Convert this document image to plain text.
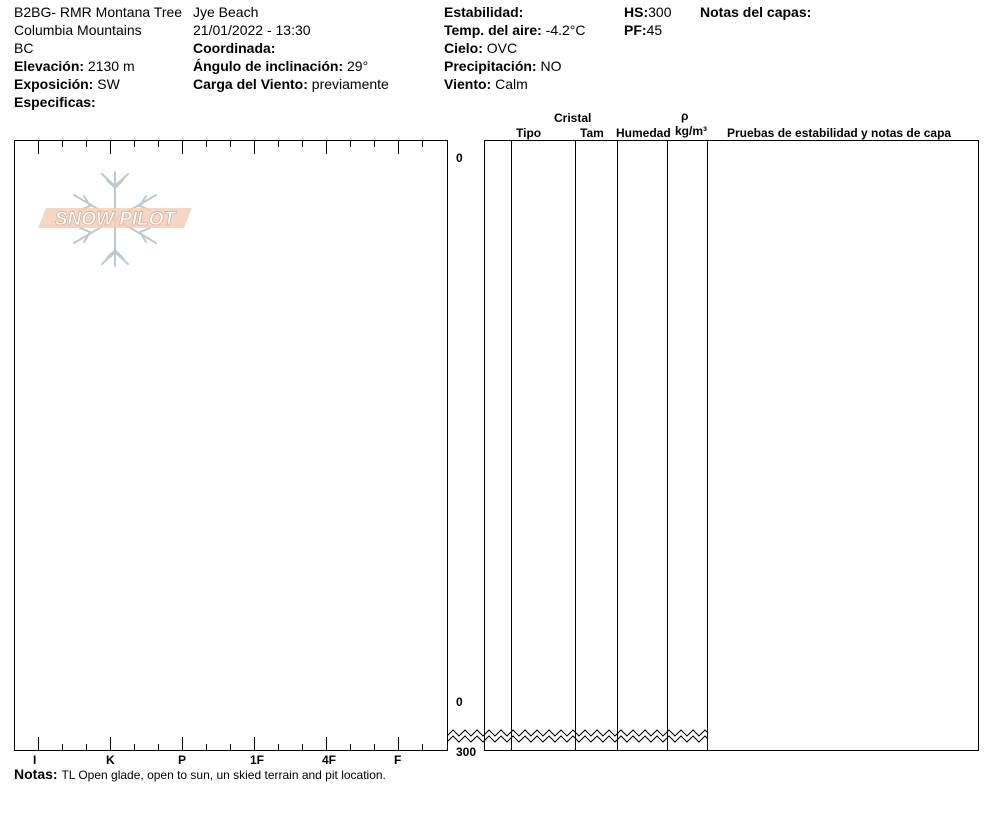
B2BG- RMR Montana Tree Jye Beach
Columbia Mountains	21/01/2022 - 13:30
BC	Coordinada:
Elevación: 2130 m	Ángulo de inclinación: 29°
Exposición: SW	Carga del Viento: previamente
Especificas:
Estabilidad:
Temp. del aire: -4.2°C
Cielo: OVC
Precipitación: NO
Viento: Calm
HS:300
PF:45
Notas del capas:
Cristal
Tipo	Tam Humedad
ρ
kg/m³ Pruebas de estabilidad y notas de capa
0
0
300
I	K	P	1F	4F	F
Notas: TL Open glade, open to sun, un skied terrain and pit location.
SNOW PILOT
